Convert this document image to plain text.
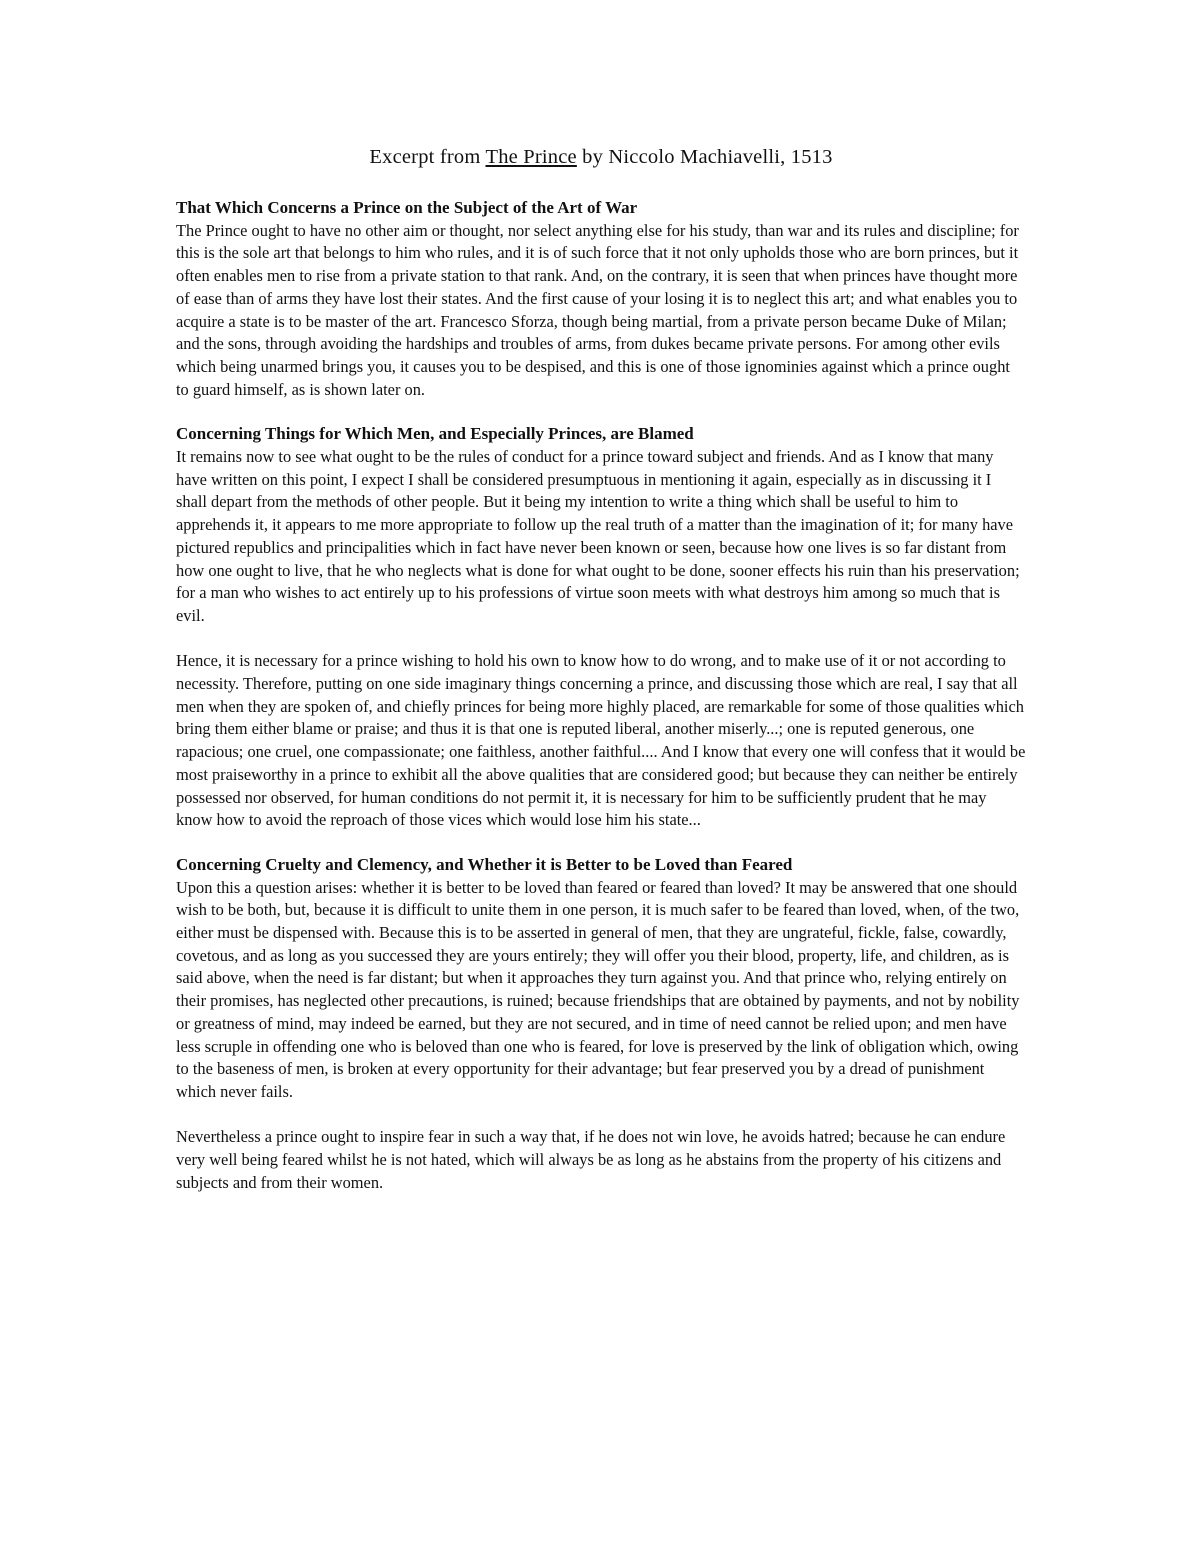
Excerpt from The Prince by Niccolo Machiavelli, 1513

That Which Concerns a Prince on the Subject of the Art of War

The Prince ought to have no other aim or thought, nor select anything else for his study, than war and its rules and discipline; for this is the sole art that belongs to him who rules, and it is of such force that it not only upholds those who are born princes, but it often enables men to rise from a private station to that rank. And, on the contrary, it is seen that when princes have thought more of ease than of arms they have lost their states. And the first cause of your losing it is to neglect this art; and what enables you to acquire a state is to be master of the art. Francesco Sforza, though being martial, from a private person became Duke of Milan; and the sons, through avoiding the hardships and troubles of arms, from dukes became private persons. For among other evils which being unarmed brings you, it causes you to be despised, and this is one of those ignominies against which a prince ought to guard himself, as is shown later on.

Concerning Things for Which Men, and Especially Princes, are Blamed

It remains now to see what ought to be the rules of conduct for a prince toward subject and friends. And as I know that many have written on this point, I expect I shall be considered presumptuous in mentioning it again, especially as in discussing it I shall depart from the methods of other people. But it being my intention to write a thing which shall be useful to him to apprehends it, it appears to me more appropriate to follow up the real truth of a matter than the imagination of it; for many have pictured republics and principalities which in fact have never been known or seen, because how one lives is so far distant from how one ought to live, that he who neglects what is done for what ought to be done, sooner effects his ruin than his preservation; for a man who wishes to act entirely up to his professions of virtue soon meets with what destroys him among so much that is evil.

Hence, it is necessary for a prince wishing to hold his own to know how to do wrong, and to make use of it or not according to necessity. Therefore, putting on one side imaginary things concerning a prince, and discussing those which are real, I say that all men when they are spoken of, and chiefly princes for being more highly placed, are remarkable for some of those qualities which bring them either blame or praise; and thus it is that one is reputed liberal, another miserly...; one is reputed generous, one rapacious; one cruel, one compassionate; one faithless, another faithful.... And I know that every one will confess that it would be most praiseworthy in a prince to exhibit all the above qualities that are considered good; but because they can neither be entirely possessed nor observed, for human conditions do not permit it, it is necessary for him to be sufficiently prudent that he may know how to avoid the reproach of those vices which would lose him his state...

Concerning Cruelty and Clemency, and Whether it is Better to be Loved than Feared

Upon this a question arises: whether it is better to be loved than feared or feared than loved? It may be answered that one should wish to be both, but, because it is difficult to unite them in one person, it is much safer to be feared than loved, when, of the two, either must be dispensed with. Because this is to be asserted in general of men, that they are ungrateful, fickle, false, cowardly, covetous, and as long as you successed they are yours entirely; they will offer you their blood, property, life, and children, as is said above, when the need is far distant; but when it approaches they turn against you. And that prince who, relying entirely on their promises, has neglected other precautions, is ruined; because friendships that are obtained by payments, and not by nobility or greatness of mind, may indeed be earned, but they are not secured, and in time of need cannot be relied upon; and men have less scruple in offending one who is beloved than one who is feared, for love is preserved by the link of obligation which, owing to the baseness of men, is broken at every opportunity for their advantage; but fear preserved you by a dread of punishment which never fails.

Nevertheless a prince ought to inspire fear in such a way that, if he does not win love, he avoids hatred; because he can endure very well being feared whilst he is not hated, which will always be as long as he abstains from the property of his citizens and subjects and from their women.
